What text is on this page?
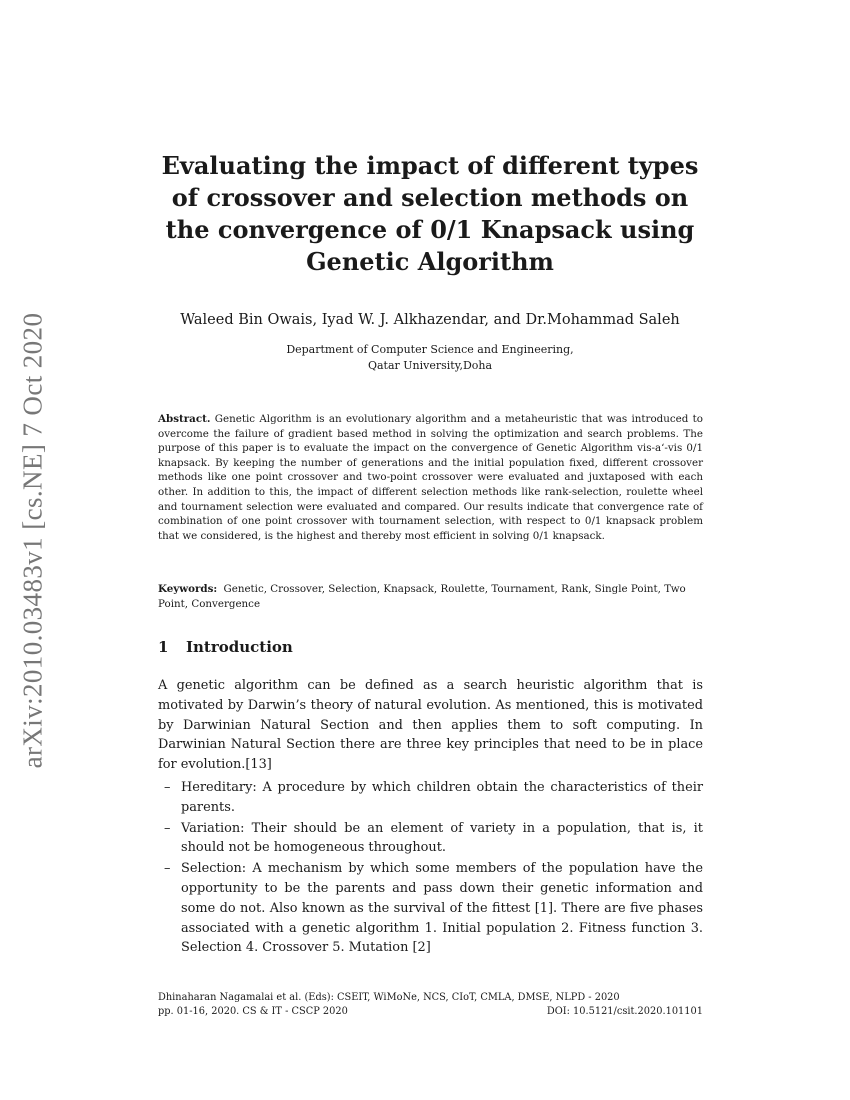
arXiv:2010.03483v1 [cs.NE] 7 Oct 2020
Evaluating the impact of different types of crossover and selection methods on the convergence of 0/1 Knapsack using Genetic Algorithm

Waleed Bin Owais, Iyad W. J. Alkhazendar, and Dr.Mohammad Saleh

Department of Computer Science and Engineering,
Qatar University,Doha

Abstract. Genetic Algorithm is an evolutionary algorithm and a metaheuristic that was introduced to overcome the failure of gradient based method in solving the optimization and search problems. The purpose of this paper is to evaluate the impact on the convergence of Genetic Algorithm vis-a‘-vis 0/1 knapsack. By keeping the number of generations and the initial population fixed, different crossover methods like one point crossover and two-point crossover were evaluated and juxtaposed with each other. In addition to this, the impact of different selection methods like rank-selection, roulette wheel and tournament selection were evaluated and compared. Our results indicate that convergence rate of combination of one point crossover with tournament selection, with respect to 0/1 knapsack problem that we considered, is the highest and thereby most efficient in solving 0/1 knapsack.

Keywords: Genetic, Crossover, Selection, Knapsack, Roulette, Tournament, Rank, Single Point, Two Point, Convergence

1 Introduction

A genetic algorithm can be defined as a search heuristic algorithm that is motivated by Darwin’s theory of natural evolution. As mentioned, this is motivated by Darwinian Natural Section and then applies them to soft computing. In Darwinian Natural Section there are three key principles that need to be in place for evolution.[13]

– Hereditary: A procedure by which children obtain the characteristics of their parents.
– Variation: Their should be an element of variety in a population, that is, it should not be homogeneous throughout.
– Selection: A mechanism by which some members of the population have the opportunity to be the parents and pass down their genetic information and some do not. Also known as the survival of the fittest [1]. There are five phases associated with a genetic algorithm 1. Initial population 2. Fitness function 3. Selection 4. Crossover 5. Mutation [2]
Dhinaharan Nagamalai et al. (Eds): CSEIT, WiMoNe, NCS, CIoT, CMLA, DMSE, NLPD - 2020
pp. 01-16, 2020. CS & IT - CSCP 2020	DOI: 10.5121/csit.2020.101101
